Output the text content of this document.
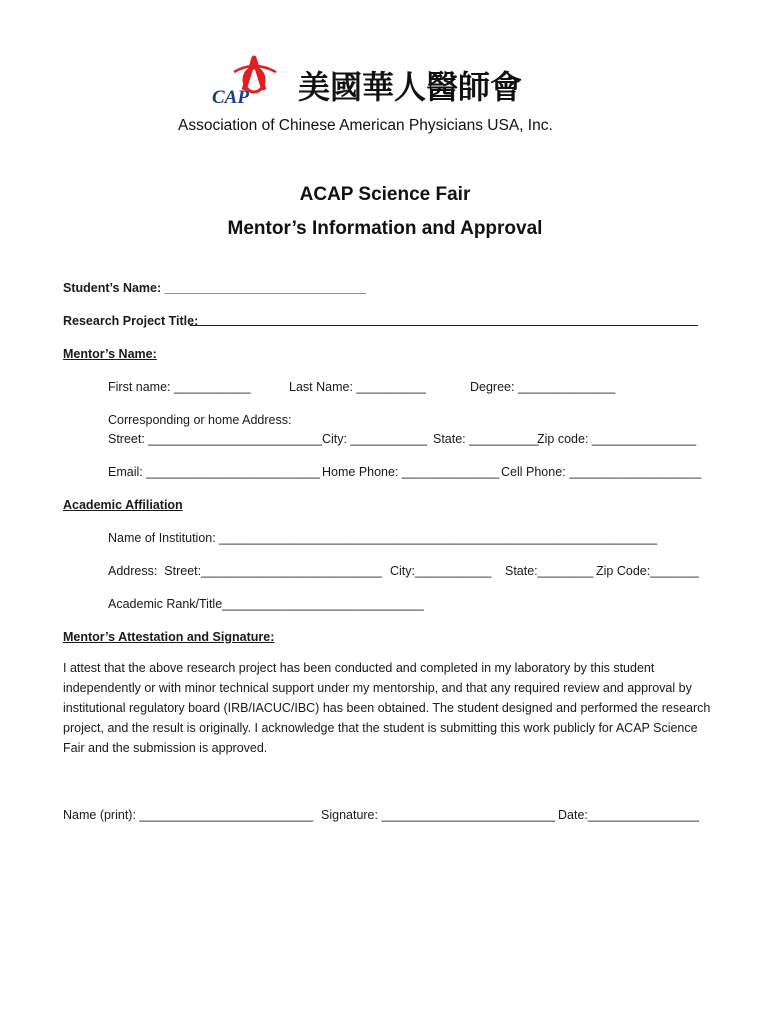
CAP 美國華人醫師會
Association of Chinese American Physicians USA, Inc.
ACAP Science Fair
Mentor’s Information and Approval
Student’s Name: _____________________________
Research Project Title:
Mentor’s Name:
First name: ___________	Last Name: __________	Degree: ______________
Corresponding or home Address:
Street: _________________________ City: ___________ State: __________
Zip code: _______________
Email: _________________________ Home Phone: ______________ Cell Phone: ___________________
Academic Affiliation
Name of Institution: _______________________________________________________________
Address:  Street:__________________________ City:___________ State:________ Zip Code:_______
Academic Rank/Title_____________________________
Mentor’s Attestation and Signature:
I attest that the above research project has been conducted and completed in my laboratory by this student independently or with minor technical support under my mentorship, and that any required review and approval by institutional regulatory board (IRB/IACUC/IBC) has been obtained. The student designed and performed the research project, and the result is originally. I acknowledge that the student is submitting this work publicly for ACAP Science Fair and the submission is approved.
Name (print): _________________________ Signature: _________________________ Date:________________
